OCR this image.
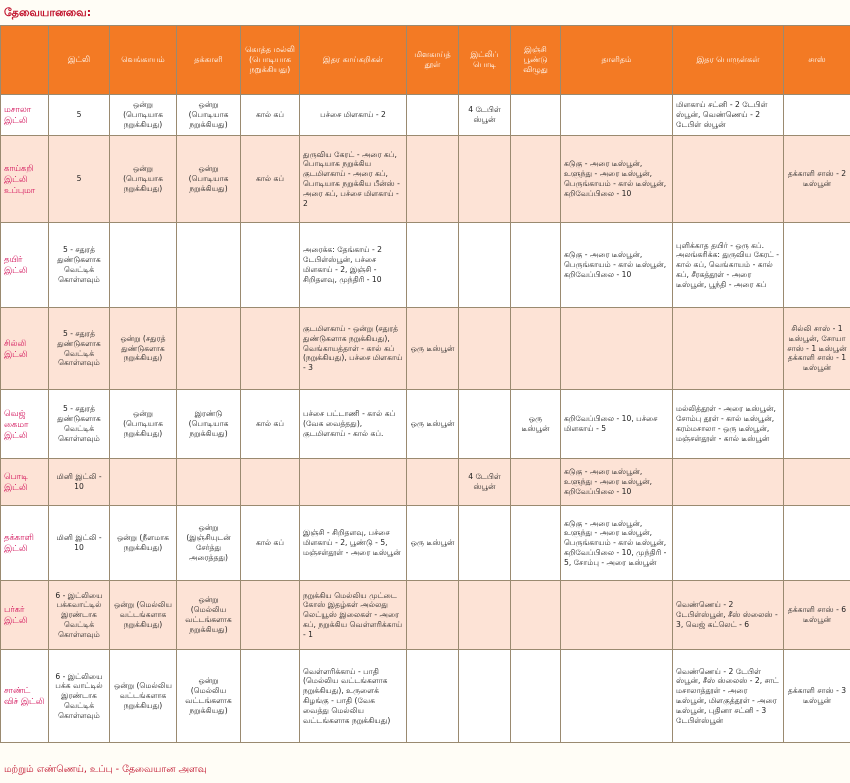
தேவையானவை:
	இட்லி	வெங்காயம்	தக்காளி	கொத்த மல்லி (பொடியாக நறுக்கியது)	இதர காய்கறிகள்	மிளகாய்த் தூள்	இட்லிப் பொடி	இஞ்சி பூண்டு விழுது	தாளிதம்	இதர பொருள்கள்	சாஸ்
மசாலா இட்லி	5	ஒன்று (பொடியாக நறுக்கியது)	ஒன்று (பொடியாக நறுக்கியது)	கால் கப்	பச்சை மிளகாய் - 2		4 டேபிள் ஸ்பூன்			மிளகாய் சட்னி - 2 டேபிள் ஸ்பூன், வெண்ணெய் - 2 டேபிள் ஸ்பூன்	
காய்கறி இட்லி உப்புமா	5	ஒன்று (பொடியாக நறுக்கியது)	ஒன்று (பொடியாக நறுக்கியது)	கால் கப்	துருவிய கேரட் - அரை கப், பொடியாக நறுக்கிய குடமிளகாய் - அரை கப், பொடியாக நறுக்கிய பீன்ஸ் - அரை கப், பச்சை மிளகாய் - 2				கடுகு - அரை டீஸ்பூன், உளுந்து - அரை டீஸ்பூன், பெருங்காயம் - கால் டீஸ்பூன், கறிவேப்பிலை - 10		தக்காளி சாஸ் - 2 டீஸ்பூன்
தயிர் இட்லி	5 - சதுரத் துண்டுகளாக வெட்டிக் கொள்ளவும்				அரைக்க: தேங்காய் - 2 டேபிள்ஸ்பூன், பச்சை மிளகாய் - 2, இஞ்சி - சிறிதளவு, முந்திரி - 10				கடுகு - அரை டீஸ்பூன், பெருங்காயம் - கால் டீஸ்பூன், கறிவேப்பிலை - 10	புளிக்காத தயிர் - ஒரு கப். அலங்கரிக்க: துருவிய கேரட் - கால் கப், வெங்காயம் - கால் கப், சீரகத்தூள் - அரை டீஸ்பூன், பூந்தி - அரை கப்	
சில்லி இட்லி	5 - சதுரத் துண்டுகளாக வெட்டிக் கொள்ளவும்	ஒன்று (சதுரத் துண்டுகளாக நறுக்கியது)			குடமிளகாய் - ஒன்று (சதுரத் துண்டுகளாக நறுக்கியது), வெங்காயத்தாள் - கால் கப் (நறுக்கியது), பச்சை மிளகாய் - 3	ஒரு டீஸ்பூன்					சில்லி சாஸ் - 1 டீஸ்பூன், சோயா சாஸ் - 1 டீஸ்பூன் தக்காளி சாஸ் - 1 டீஸ்பூன்
வெஜ் கைமா இட்லி	5 - சதுரத் துண்டுகளாக வெட்டிக் கொள்ளவும்	ஒன்று (பொடியாக நறுக்கியது)	இரண்டு (பொடியாக நறுக்கியது)	கால் கப்	பச்சை பட்டாணி - கால் கப் (வேக வைத்தது), குடமிளகாய் - கால் கப்.	ஒரு டீஸ்பூன்		ஒரு டீஸ்பூன்	கறிவேப்பிலை - 10, பச்சை மிளகாய் - 5	மல்லித்தூள் - அரை டீஸ்பூன், சோம்பு தூள் - கால் டீஸ்பூன், கரம்மசாலா - ஒரு டீஸ்பூன், மஞ்சள்தூள் - கால் டீஸ்பூன்	
பொடி இட்லி	மினி இட்லி - 10						4 டேபிள் ஸ்பூன்		கடுகு - அரை டீஸ்பூன், உளுந்து - அரை டீஸ்பூன், கறிவேப்பிலை - 10		
தக்காளி இட்லி	மினி இட்லி - 10	ஒன்று (நீளமாக நறுக்கியது)	ஒன்று (இஞ்சியுடன் சேர்த்து அரைத்தது)	கால் கப்	இஞ்சி - சிறிதளவு, பச்சை மிளகாய் - 2, பூண்டு - 5, மஞ்சள்தூள் - அரை டீஸ்பூன்	ஒரு டீஸ்பூன்			கடுகு - அரை டீஸ்பூன், உளுந்து - அரை டீஸ்பூன், பெருங்காயம் - கால் டீஸ்பூன், கறிவேப்பிலை - 10, முந்திரி - 5, சோம்பு - அரை டீஸ்பூன்		
பர்கர் இட்லி	6 - இட்லியை பக்கவாட்டில் இரண்டாக வெட்டிக் கொள்ளவும்	ஒன்று (மெல்லிய வட்டங்களாக நறுக்கியது)	ஒன்று (மெல்லிய வட்டங்களாக நறுக்கியது)		நறுக்கிய மெல்லிய முட்டை கோஸ் இதழ்கள் அல்லது லெட்யூஸ் இலைகள் - அரை கப், நறுக்கிய வெள்ளரிக்காய் - 1					வெண்ணெய் - 2 டேபிள்ஸ்பூன், சீஸ் ஸ்லைஸ் - 3, வெஜ் கட்லெட் - 6	தக்காளி சாஸ் - 6 டீஸ்பூன்
சாண்ட் விச் இட்லி	6 - இட்லியை பக்க வாட்டில் இரண்டாக வெட்டிக் கொள்ளவும்	ஒன்று (மெல்லிய வட்டங்களாக நறுக்கியது)	ஒன்று (மெல்லிய வட்டங்களாக நறுக்கியது)		வெள்ளரிக்காய் - பாதி (மெல்லிய வட்டங்களாக நறுக்கியது), உருளைக் கிழங்கு - பாதி (வேக வைத்து மெல்லிய வட்டங்களாக நறுக்கியது)					வெண்ணெய் - 2 டேபிள் ஸ்பூன், சீஸ் ஸ்லைஸ் - 2, சாட் மசாலாத்தூள் - அரை டீஸ்பூன், மிளகுத்தூள் - அரை டீஸ்பூன், புதினா சட்னி - 3 டேபிள்ஸ்பூன்	தக்காளி சாஸ் - 3 டீஸ்பூன்
மற்றும் எண்ணெய், உப்பு - தேவையான அளவு
